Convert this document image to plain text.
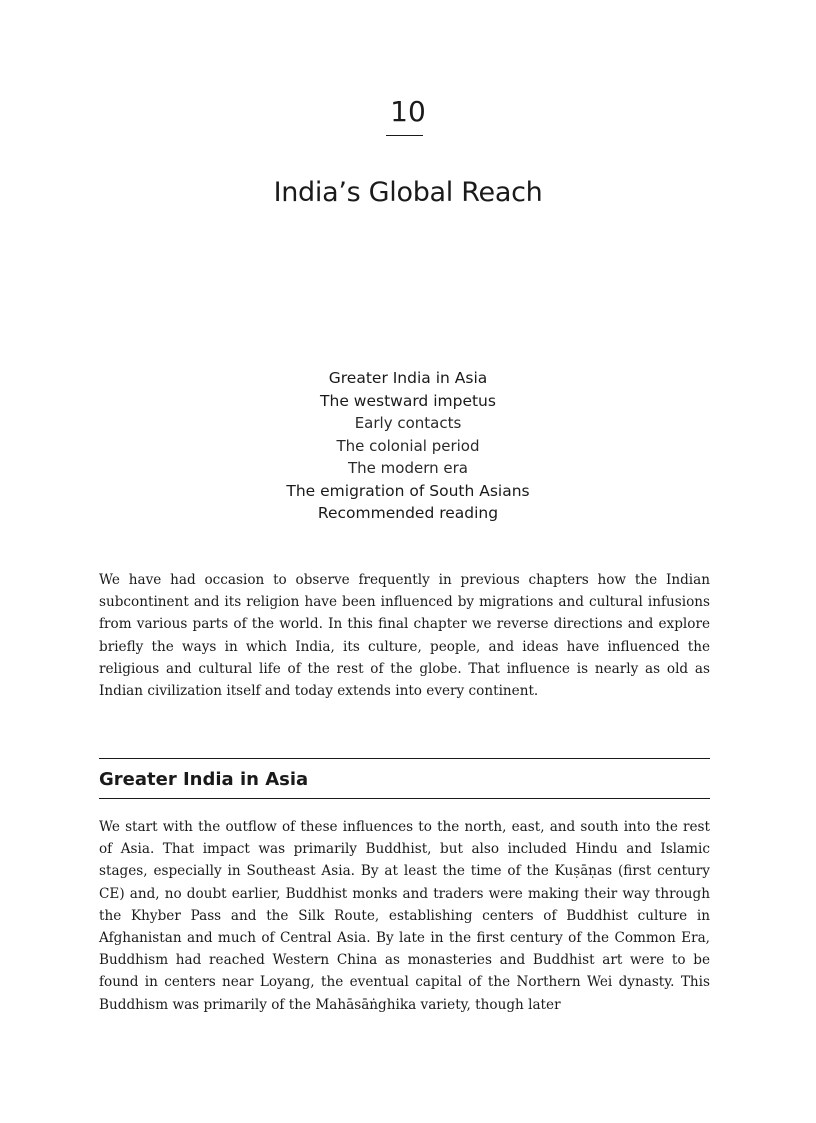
10
India’s Global Reach
Greater India in Asia
The westward impetus
Early contacts
The colonial period
The modern era
The emigration of South Asians
Recommended reading

We have had occasion to observe frequently in previous chapters how the Indian subcontinent and its religion have been influenced by migrations and cultural infusions from various parts of the world. In this final chapter we reverse directions and explore briefly the ways in which India, its culture, people, and ideas have influenced the religious and cultural life of the rest of the globe. That influence is nearly as old as Indian civilization itself and today extends into every continent.

Greater India in Asia

We start with the outflow of these influences to the north, east, and south into the rest of Asia. That impact was primarily Buddhist, but also included Hindu and Islamic stages, especially in Southeast Asia. By at least the time of the Kuṣāṇas (first century CE) and, no doubt earlier, Buddhist monks and traders were making their way through the Khyber Pass and the Silk Route, establishing centers of Buddhist culture in Afghanistan and much of Central Asia. By late in the first century of the Common Era, Buddhism had reached Western China as monasteries and Buddhist art were to be found in centers near Loyang, the eventual capital of the Northern Wei dynasty. This Buddhism was primarily of the Mahāsāṅghika variety, though later
